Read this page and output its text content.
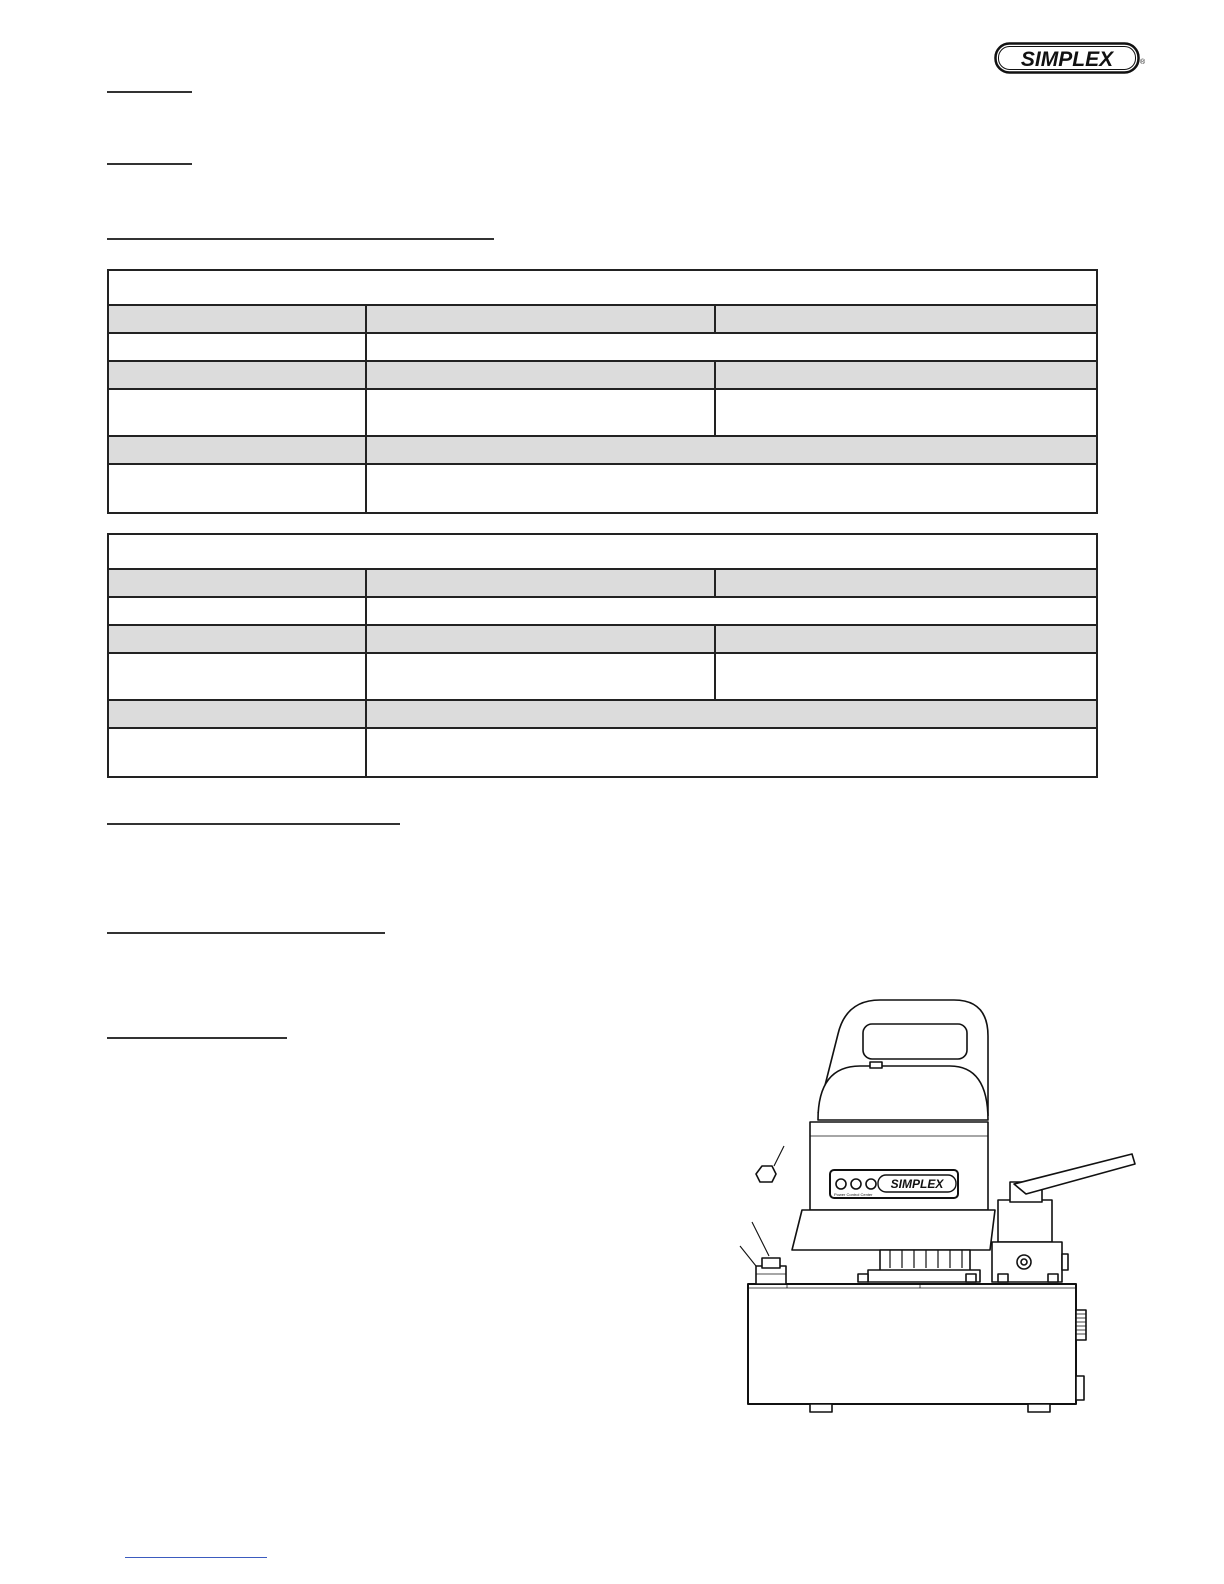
SIMPLEX	®
SIMPLEX
Power Control Center
